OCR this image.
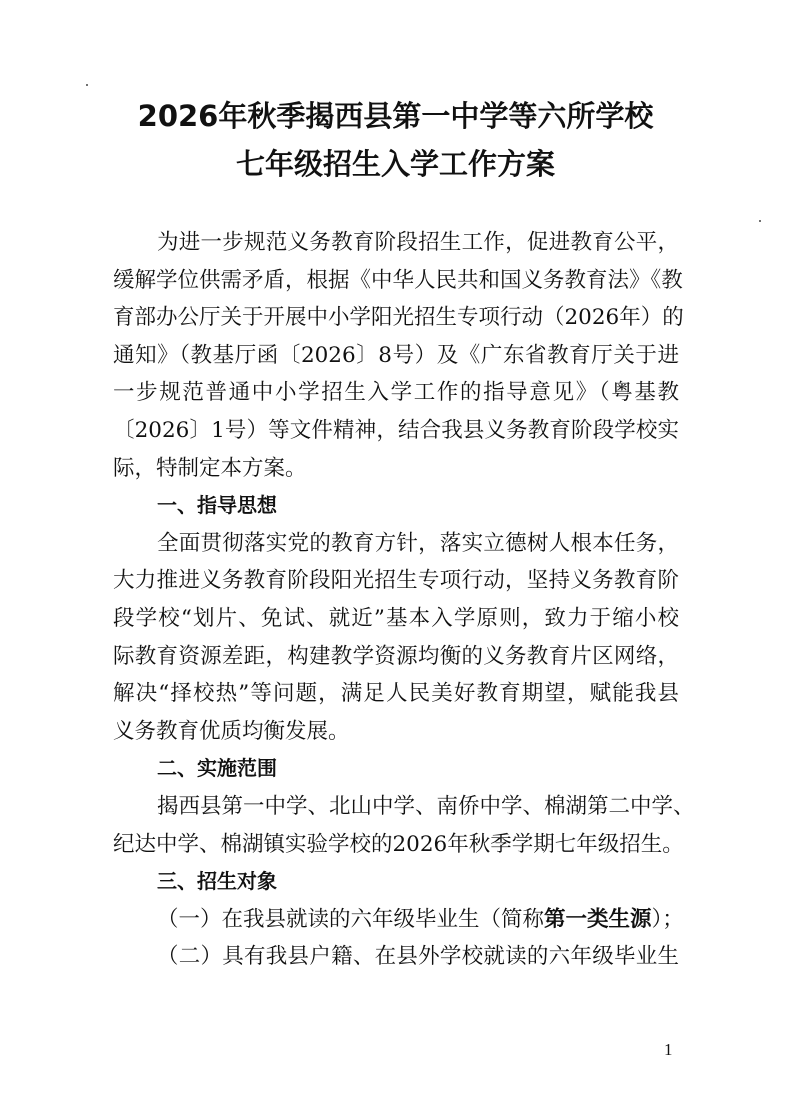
2026年秋季揭西县第一中学等六所学校
七年级招生入学工作方案
为进一步规范义务教育阶段招生工作，促进教育公平，
缓解学位供需矛盾，根据《中华人民共和国义务教育法》《教
育部办公厅关于开展中小学阳光招生专项行动（2026年）的
通知》（教基厅函〔2026〕8号）及《广东省教育厅关于进
一步规范普通中小学招生入学工作的指导意见》（粤基教
〔2026〕1号）等文件精神，结合我县义务教育阶段学校实
际，特制定本方案。
一、指导思想
全面贯彻落实党的教育方针，落实立德树人根本任务，
大力推进义务教育阶段阳光招生专项行动，坚持义务教育阶
段学校“划片、免试、就近”基本入学原则，致力于缩小校
际教育资源差距，构建教学资源均衡的义务教育片区网络，
解决“择校热”等问题，满足人民美好教育期望，赋能我县
义务教育优质均衡发展。
二、实施范围
揭西县第一中学、北山中学、南侨中学、棉湖第二中学、
纪达中学、棉湖镇实验学校的2026年秋季学期七年级招生。
三、招生对象
（一）在我县就读的六年级毕业生（简称第一类生源）；
（二）具有我县户籍、在县外学校就读的六年级毕业生
1
